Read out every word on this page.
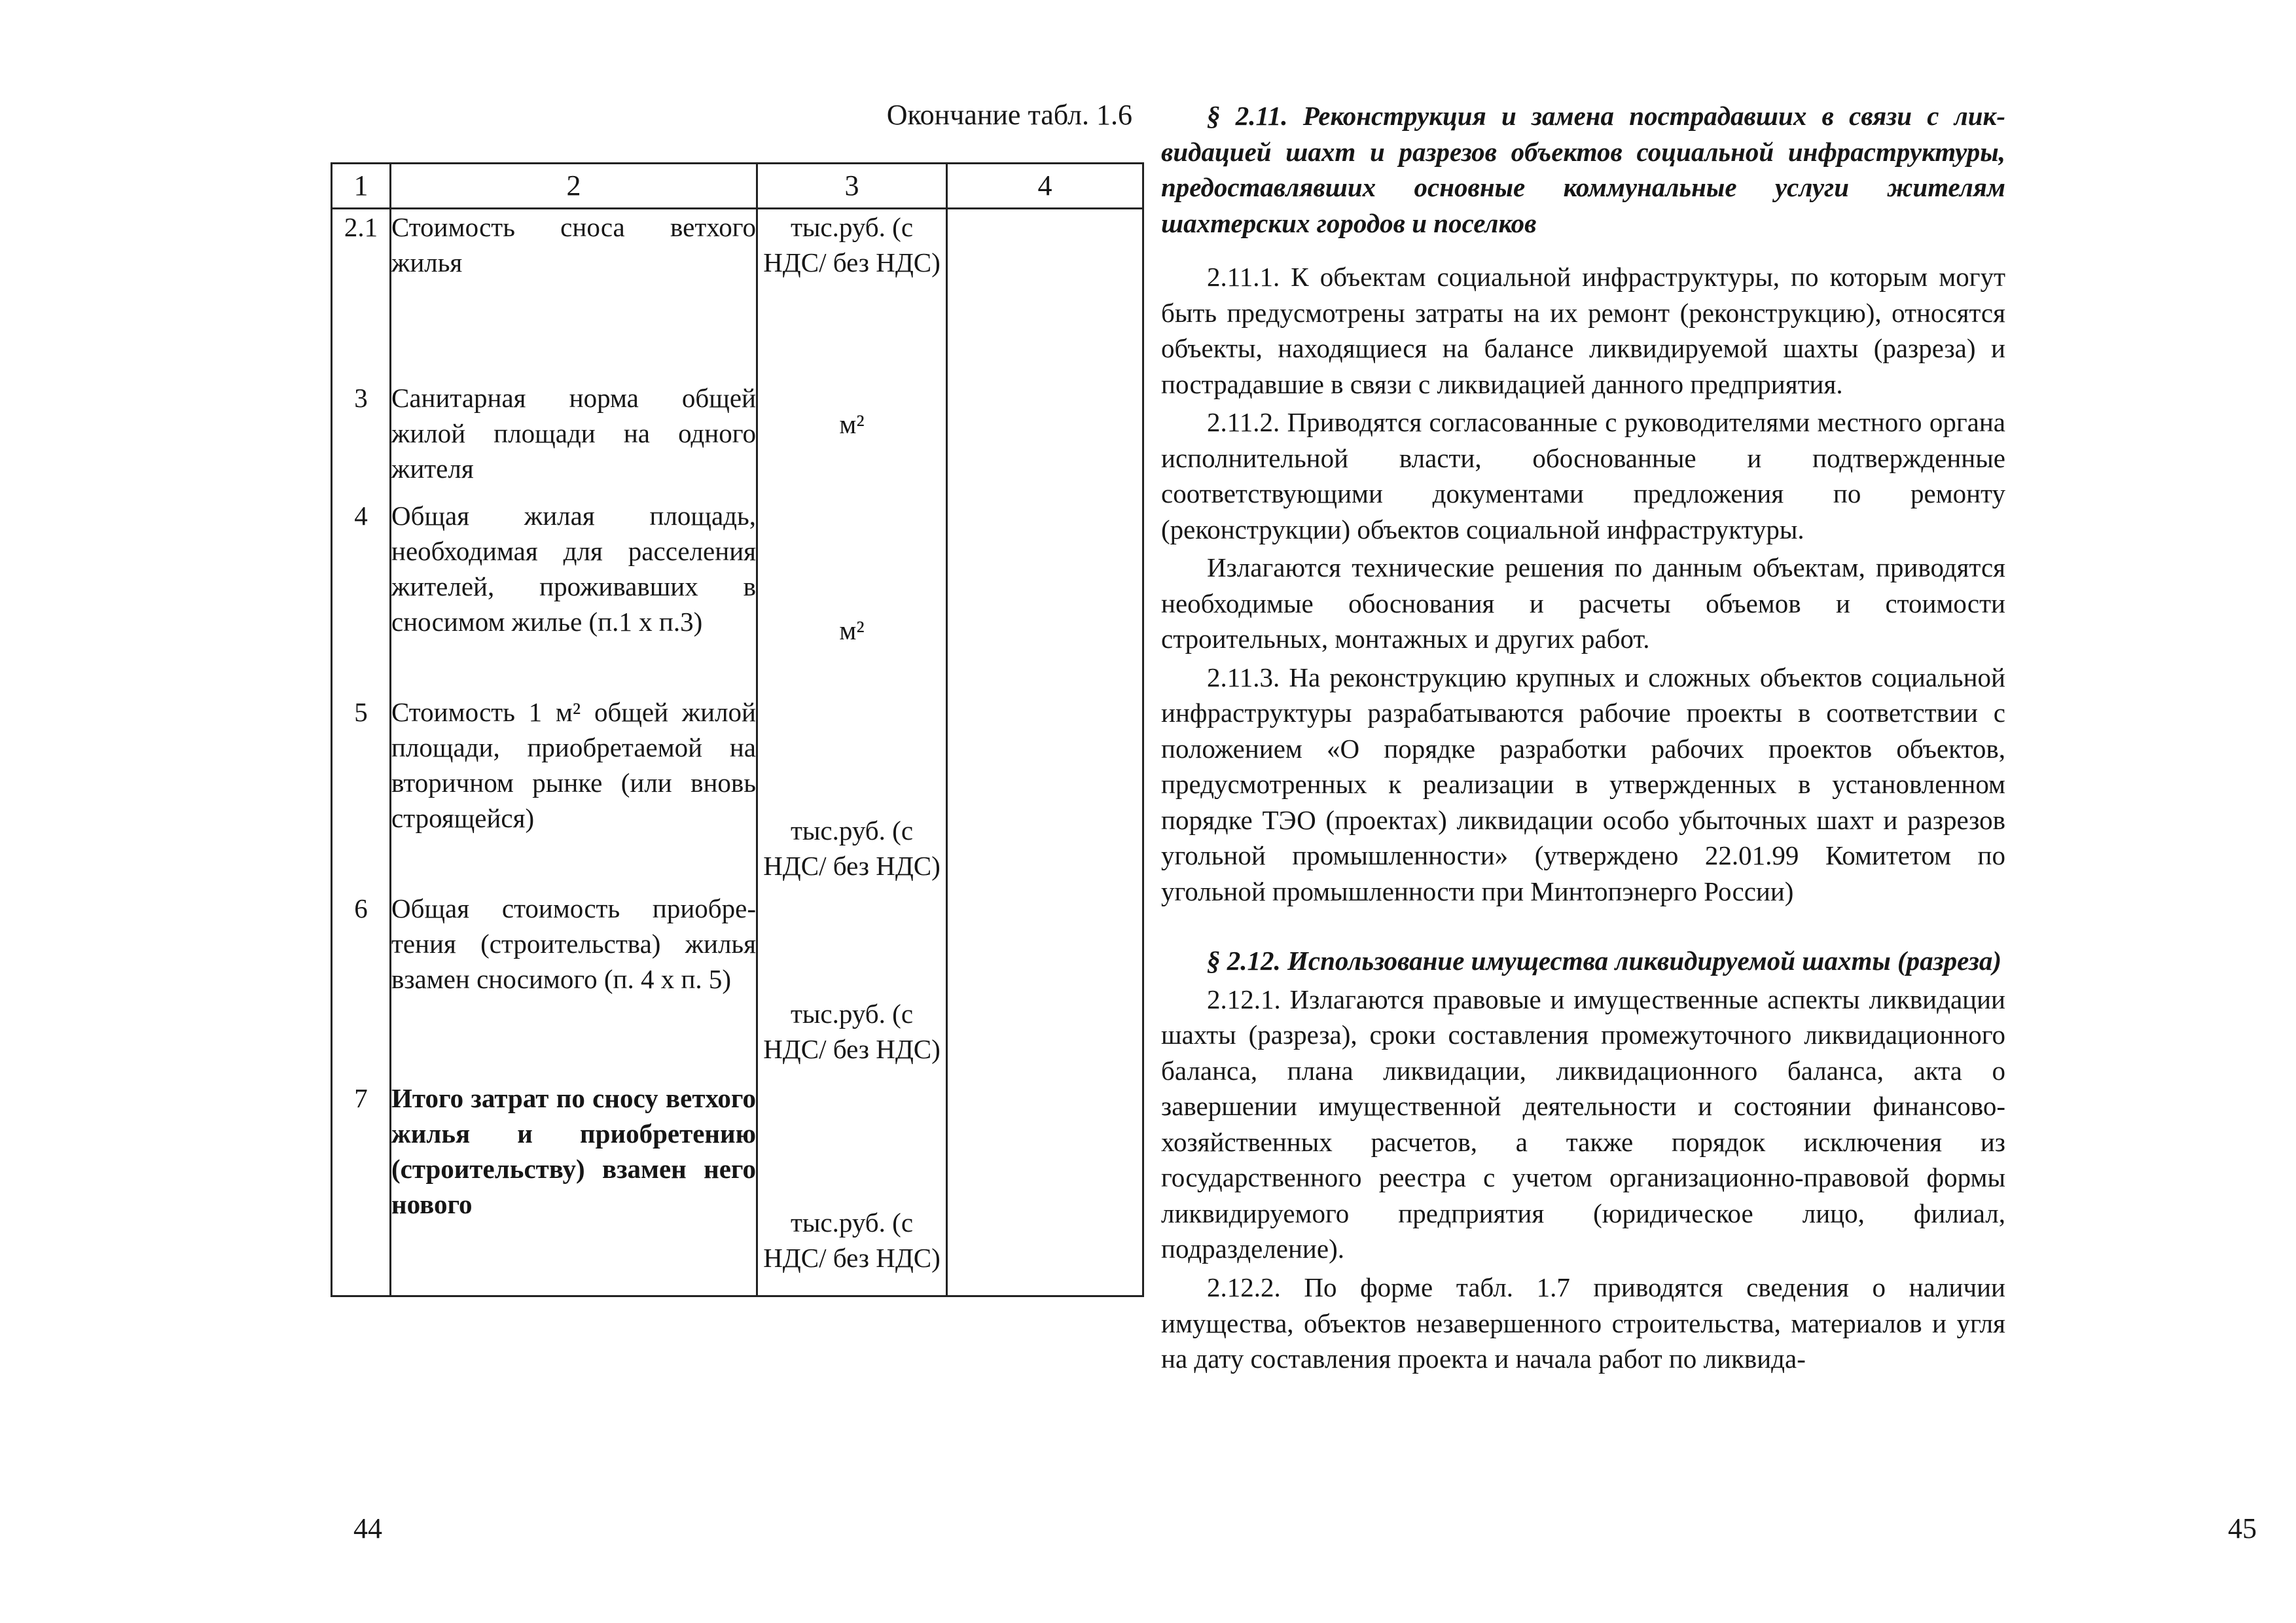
Окончание табл. 1.6
1	2	3	4
2.1	Стоимость сноса ветхого жилья	тыс.руб. (с НДС/ без НДС)	
3	Санитарная норма общей жилой площади на одного жителя	м²	
4	Общая жилая площадь, необходимая для расселения жителей, проживавших в сносимом жилье (п.1 х п.3)	м²	
5	Стоимость 1 м² общей жилой площади, приобретаемой на вторичном рынке (или вновь строящейся)	тыс.руб. (с НДС/ без НДС)	
6	Общая стоимость приобретения (строительства) жилья взамен сносимого (п. 4 х п. 5)	тыс.руб. (с НДС/ без НДС)	
7	Итого затрат по сносу ветхого жилья и приобретению (строительству) взамен него нового	тыс.руб. (с НДС/ без НДС)	
44
§ 2.11. Реконструкция и замена пострадавших в связи с ликвидацией шахт и разрезов объектов социальной инфраструктуры, предоставлявших основные коммунальные услуги жителям шахтерских городов и поселков

2.11.1. К объектам социальной инфраструктуры, по которым могут быть предусмотрены затраты на их ремонт (реконструкцию), относятся объекты, находящиеся на балансе ликвидируемой шахты (разреза) и пострадавшие в связи с ликвидацией данного предприятия.

2.11.2. Приводятся согласованные с руководителями местного органа исполнительной власти, обоснованные и подтвержденные соответствующими документами предложения по ремонту (реконструкции) объектов социальной инфраструктуры.

Излагаются технические решения по данным объектам, приводятся необходимые обоснования и расчеты объемов и стоимости строительных, монтажных и других работ.

2.11.3. На реконструкцию крупных и сложных объектов социальной инфраструктуры разрабатываются рабочие проекты в соответствии с положением «О порядке разработки рабочих проектов объектов, предусмотренных к реализации в утвержденных в установленном порядке ТЭО (проектах) ликвидации особо убыточных шахт и разрезов угольной промышленности» (утверждено 22.01.99 Комитетом по угольной промышленности при Минтопэнерго России)

§ 2.12. Использование имущества ликвидируемой шахты (разреза)

2.12.1. Излагаются правовые и имущественные аспекты ликвидации шахты (разреза), сроки составления промежуточного ликвидационного баланса, плана ликвидации, ликвидационного баланса, акта о завершении имущественной деятельности и состоянии финансово-хозяйственных расчетов, а также порядок исключения из государственного реестра с учетом организационно-правовой формы ликвидируемого предприятия (юридическое лицо, филиал, подразделение).

2.12.2. По форме табл. 1.7 приводятся сведения о наличии имущества, объектов незавершенного строительства, материалов и угля на дату составления проекта и начала работ по ликвида-

45
